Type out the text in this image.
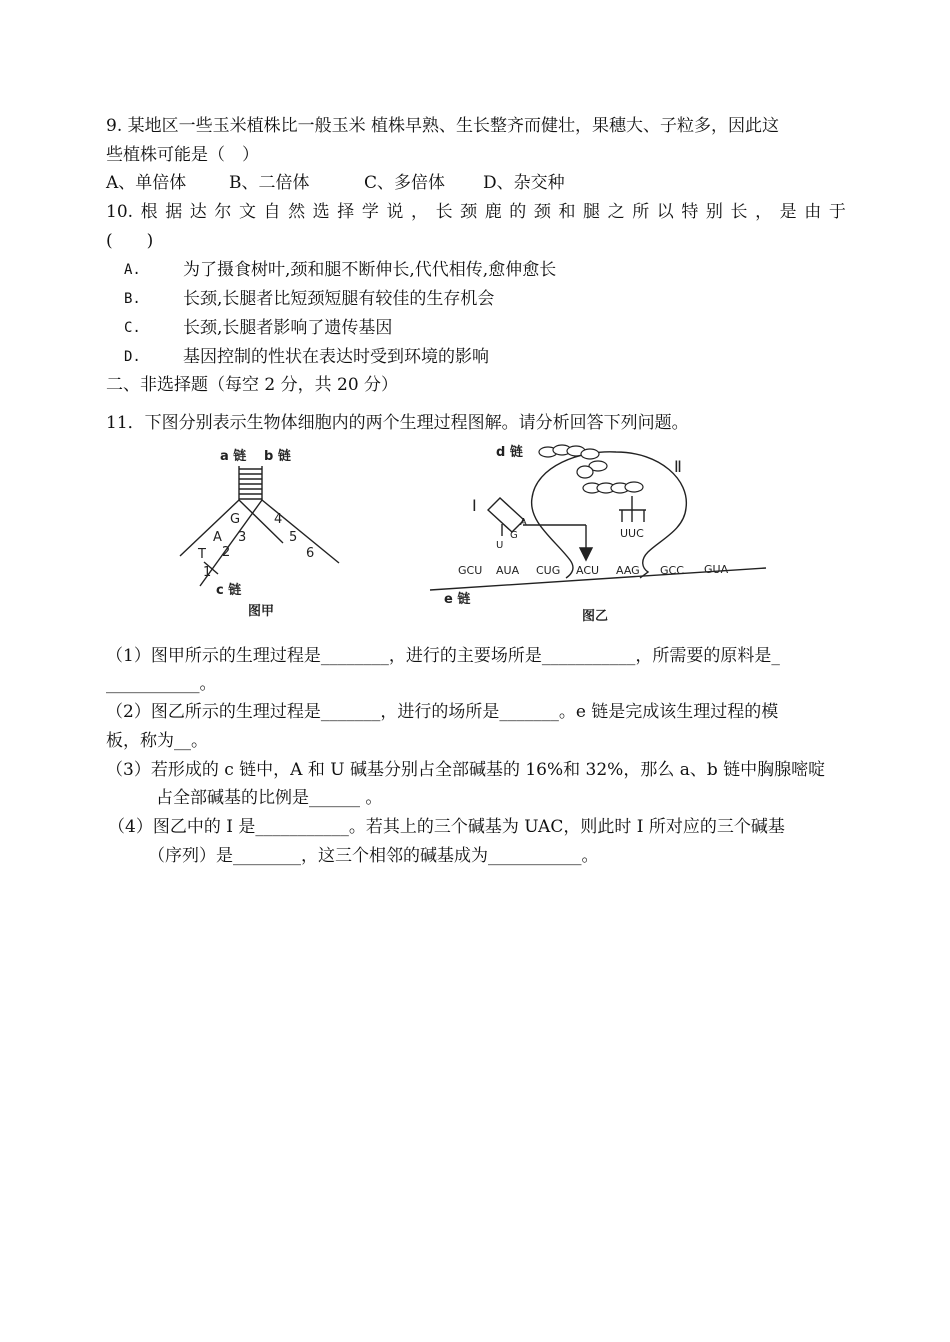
9. 某地区一些玉米植株比一般玉米 植株早熟、生长整齐而健壮，果穗大、子粒多，因此这
些植株可能是（　）
A、单倍体	B、二倍体	C、多倍体 D、杂交种
10. 根 据 达 尔 文 自 然 选 择 学 说 ， 长 颈 鹿 的 颈 和 腿 之 所 以 特 别 长 ， 是 由 于
(　　)
A. 为了摄食树叶,颈和腿不断伸长,代代相传,愈伸愈长
B. 长颈,长腿者比短颈短腿有较佳的生存机会
C. 长颈,长腿者影响了遗传基因
D. 基因控制的性状在表达时受到环境的影响
二、非选择题（每空 2 分，共 20 分）
11．下图分别表示生物体细胞内的两个生理过程图解。请分析回答下列问题。
a 链 b 链
G
A 3
T 2
1
4
5
6
c 链
图甲
d 链
Ⅱ
Ⅰ
A
G
U
UUC
GCU AUA CUG ACU AAG GCC GUA
e 链
图乙
（1）图甲所示的生理过程是________，进行的主要场所是___________，所需要的原料是_
___________。
（2）图乙所示的生理过程是_______，进行的场所是_______。e 链是完成该生理过程的模
板，称为__。
（3）若形成的 c 链中，A 和 U 碱基分别占全部碱基的 16%和 32%，那么 a、b 链中胸腺嘧啶
占全部碱基的比例是______ 。
（4）图乙中的 I 是___________。若其上的三个碱基为 UAC，则此时 I 所对应的三个碱基
（序列）是________，这三个相邻的碱基成为___________。
